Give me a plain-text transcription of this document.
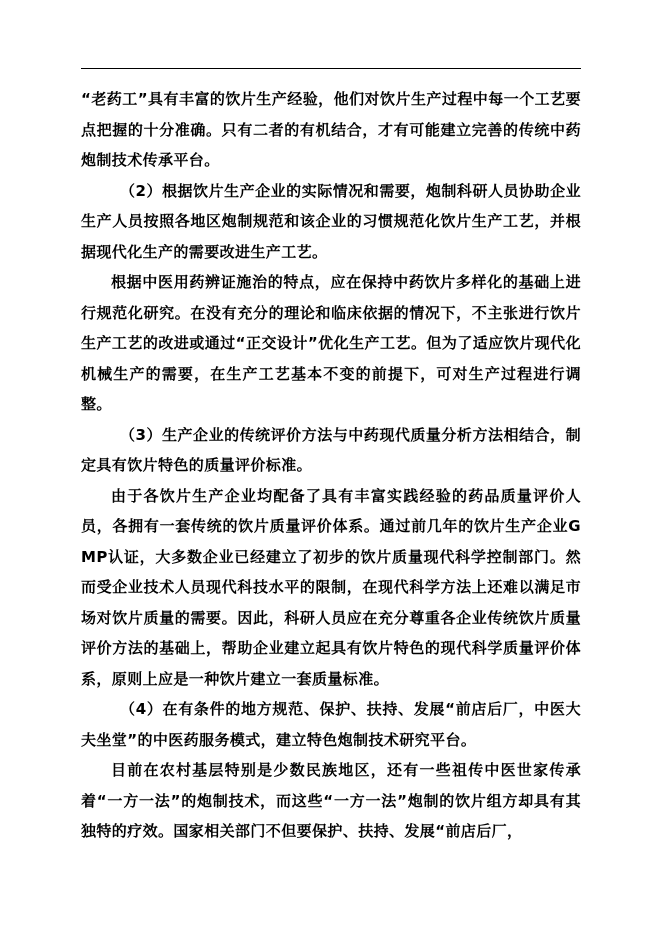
“老药工”具有丰富的饮片生产经验，他们对饮片生产过程中每一个工艺要点把握的十分准确。只有二者的有机结合，才有可能建立完善的传统中药炮制技术传承平台。

（2）根据饮片生产企业的实际情况和需要，炮制科研人员协助企业生产人员按照各地区炮制规范和该企业的习惯规范化饮片生产工艺，并根据现代化生产的需要改进生产工艺。

根据中医用药辨证施治的特点，应在保持中药饮片多样化的基础上进行规范化研究。在没有充分的理论和临床依据的情况下，不主张进行饮片生产工艺的改进或通过“正交设计”优化生产工艺。但为了适应饮片现代化机械生产的需要，在生产工艺基本不变的前提下，可对生产过程进行调整。

（3）生产企业的传统评价方法与中药现代质量分析方法相结合，制定具有饮片特色的质量评价标准。

由于各饮片生产企业均配备了具有丰富实践经验的药品质量评价人员，各拥有一套传统的饮片质量评价体系。通过前几年的饮片生产企业GMP认证，大多数企业已经建立了初步的饮片质量现代科学控制部门。然而受企业技术人员现代科技水平的限制，在现代科学方法上还难以满足市场对饮片质量的需要。因此，科研人员应在充分尊重各企业传统饮片质量评价方法的基础上，帮助企业建立起具有饮片特色的现代科学质量评价体系，原则上应是一种饮片建立一套质量标准。

（4）在有条件的地方规范、保护、扶持、发展“前店后厂，中医大夫坐堂”的中医药服务模式，建立特色炮制技术研究平台。

目前在农村基层特别是少数民族地区，还有一些祖传中医世家传承着“一方一法”的炮制技术，而这些“一方一法”炮制的饮片组方却具有其独特的疗效。国家相关部门不但要保护、扶持、发展“前店后厂，
